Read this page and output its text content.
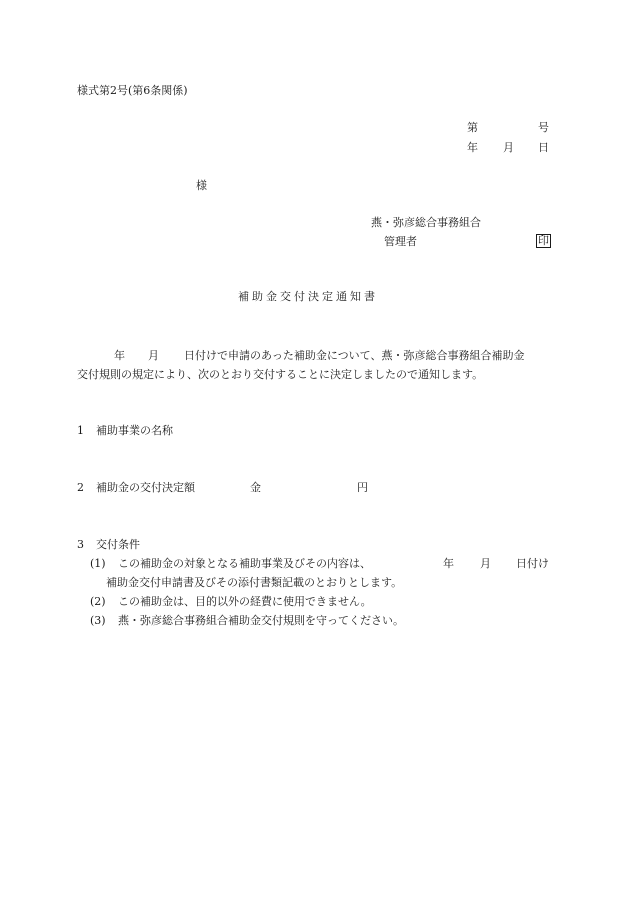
様式第2号(第6条関係)
第	号
年 月 日
様
燕・弥彦総合事務組合
管理者	印
補助金交付決定通知書
年 月 日付けで申請のあった補助金について、燕・弥彦総合事務組合補助金
交付規則の規定により、次のとおり交付することに決定しましたので通知します。
1 補助事業の名称
2 補助金の交付決定額	金	円
3 交付条件
(1) この補助金の対象となる補助事業及びその内容は、	年 月 日付け
補助金交付申請書及びその添付書類記載のとおりとします。
(2) この補助金は、目的以外の経費に使用できません。
(3) 燕・弥彦総合事務組合補助金交付規則を守ってください。
